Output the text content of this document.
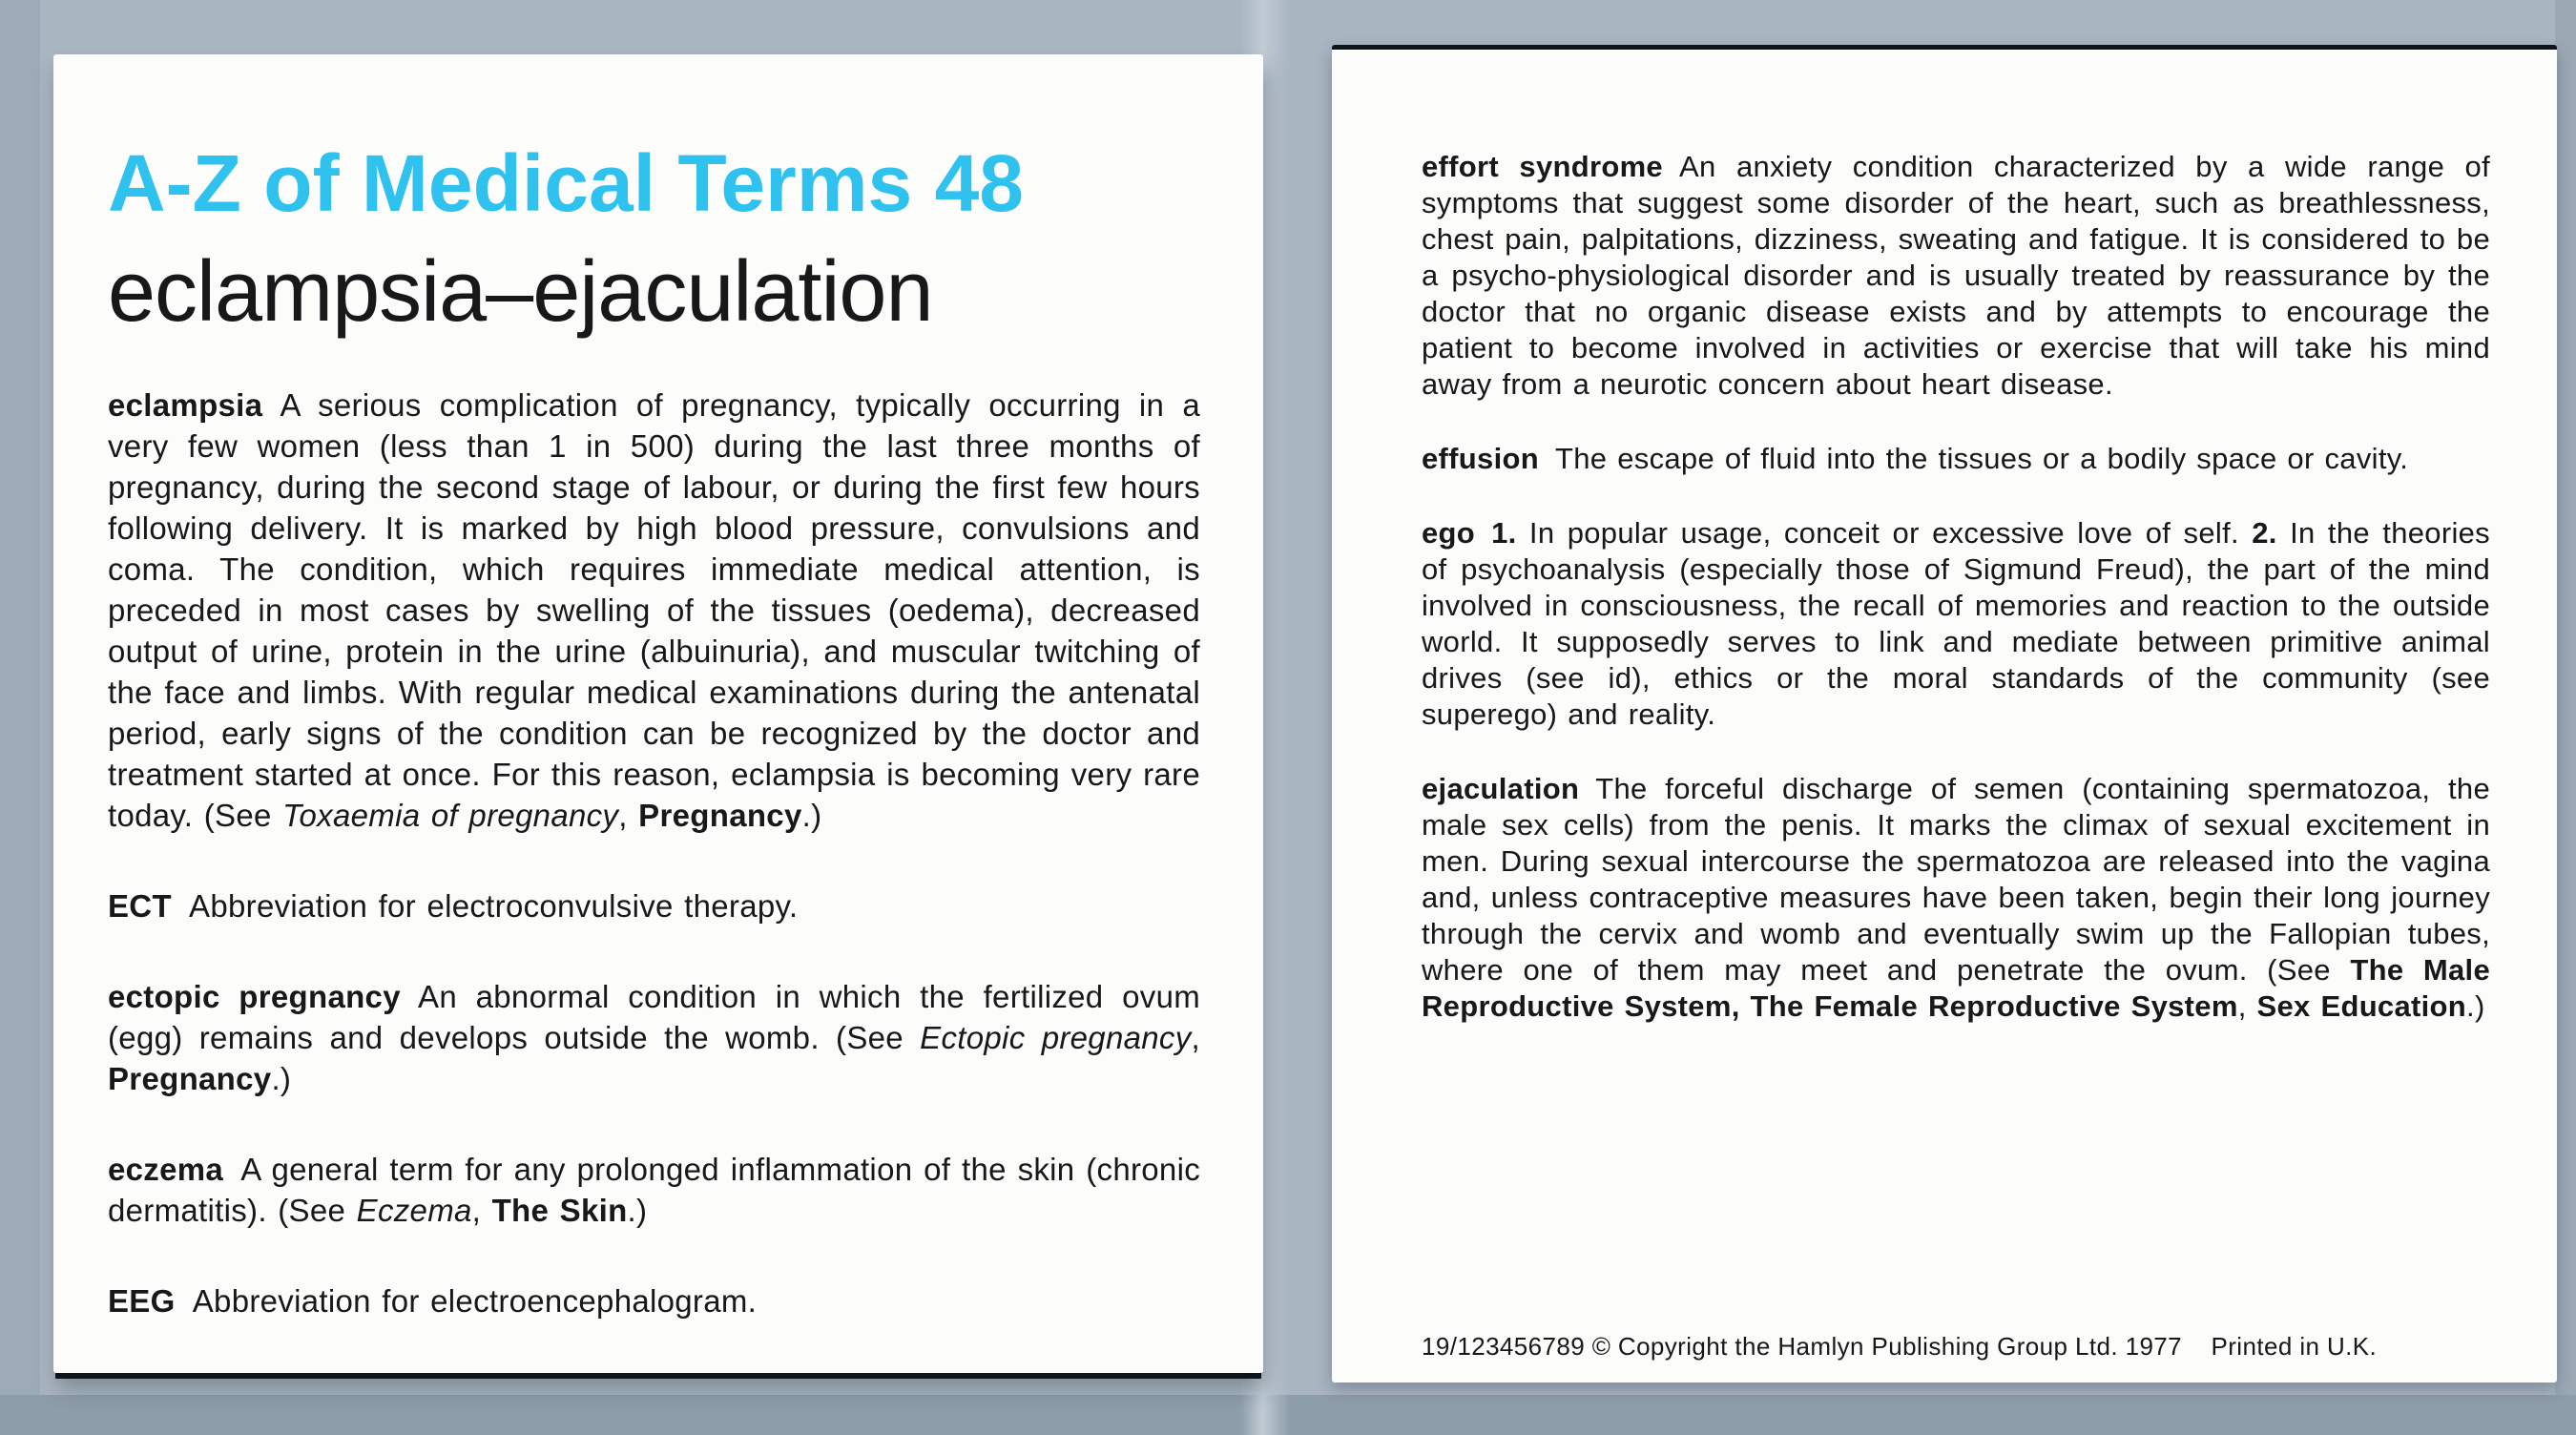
A-Z of Medical Terms 48
eclampsia–ejaculation

eclampsia A serious complication of pregnancy, typically occurring in a very few women (less than 1 in 500) during the last three months of pregnancy, during the second stage of labour, or during the first few hours following delivery. It is marked by high blood pressure, convulsions and coma. The condition, which requires immediate medical attention, is preceded in most cases by swelling of the tissues (oedema), decreased output of urine, protein in the urine (albuinuria), and muscular twitching of the face and limbs. With regular medical examinations during the antenatal period, early signs of the condition can be recognized by the doctor and treatment started at once. For this reason, eclampsia is becoming very rare today. (See Toxaemia of pregnancy, Pregnancy.)

ECT Abbreviation for electroconvulsive therapy.

ectopic pregnancy An abnormal condition in which the fertilized ovum (egg) remains and develops outside the womb. (See Ectopic pregnancy, Pregnancy.)

eczema A general term for any prolonged inflammation of the skin (chronic dermatitis). (See Eczema, The Skin.)

EEG Abbreviation for electroencephalogram.

effort syndrome An anxiety condition characterized by a wide range of symptoms that suggest some disorder of the heart, such as breathlessness, chest pain, palpitations, dizziness, sweating and fatigue. It is considered to be a psycho-physiological disorder and is usually treated by reassurance by the doctor that no organic disease exists and by attempts to encourage the patient to become involved in activities or exercise that will take his mind away from a neurotic concern about heart disease.

effusion The escape of fluid into the tissues or a bodily space or cavity.

ego 1. In popular usage, conceit or excessive love of self. 2. In the theories of psychoanalysis (especially those of Sigmund Freud), the part of the mind involved in consciousness, the recall of memories and reaction to the outside world. It supposedly serves to link and mediate between primitive animal drives (see id), ethics or the moral standards of the community (see superego) and reality.

ejaculation The forceful discharge of semen (containing spermatozoa, the male sex cells) from the penis. It marks the climax of sexual excitement in men. During sexual intercourse the spermatozoa are released into the vagina and, unless contraceptive measures have been taken, begin their long journey through the cervix and womb and eventually swim up the Fallopian tubes, where one of them may meet and penetrate the ovum. (See The Male Reproductive System, The Female Reproductive System, Sex Education.)

19/123456789 © Copyright the Hamlyn Publishing Group Ltd. 1977    Printed in U.K.
